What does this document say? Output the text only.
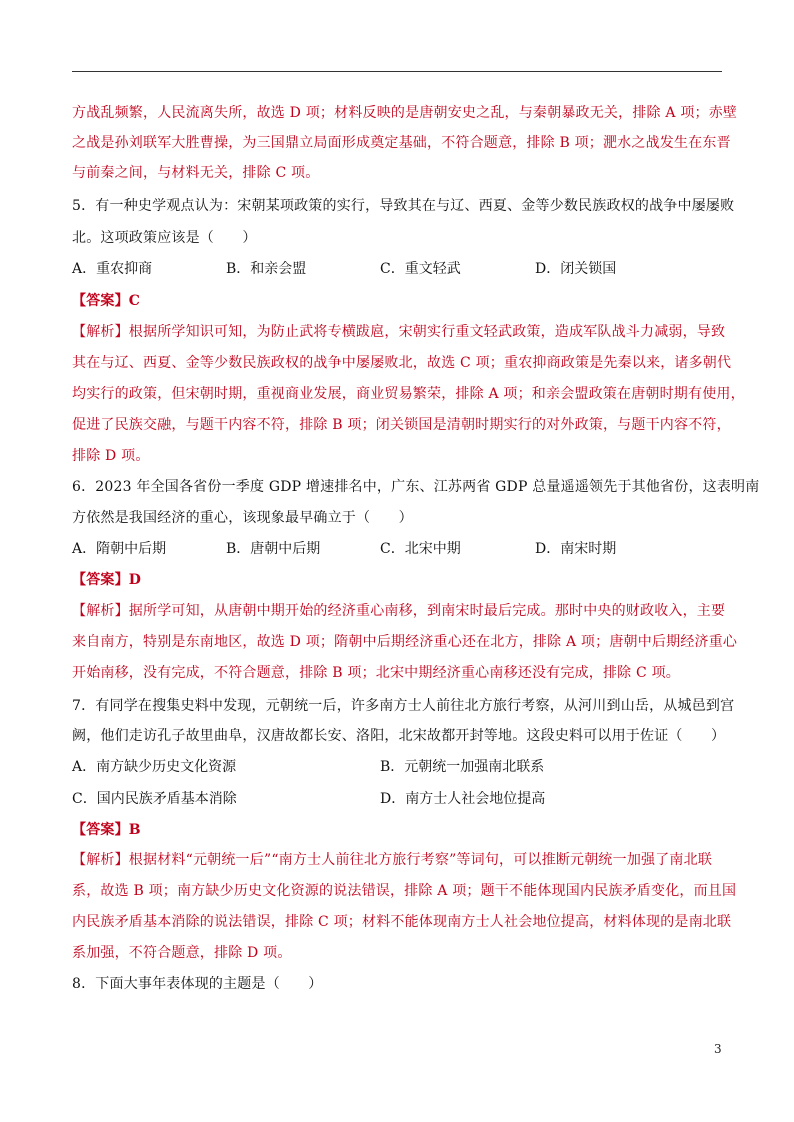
方战乱频繁，人民流离失所，故选 D 项；材料反映的是唐朝安史之乱，与秦朝暴政无关，排除 A 项；赤壁
之战是孙刘联军大胜曹操，为三国鼎立局面形成奠定基础，不符合题意，排除 B 项；淝水之战发生在东晋
与前秦之间，与材料无关，排除 C 项。
5．有一种史学观点认为：宋朝某项政策的实行，导致其在与辽、西夏、金等少数民族政权的战争中屡屡败
北。这项政策应该是（　　）
A．重农抑商	B．和亲会盟	C．重文轻武	D．闭关锁国
【答案】C
【解析】根据所学知识可知，为防止武将专横跋扈，宋朝实行重文轻武政策，造成军队战斗力减弱，导致
其在与辽、西夏、金等少数民族政权的战争中屡屡败北，故选 C 项；重农抑商政策是先秦以来，诸多朝代
均实行的政策，但宋朝时期，重视商业发展，商业贸易繁荣，排除 A 项；和亲会盟政策在唐朝时期有使用，
促进了民族交融，与题干内容不符，排除 B 项；闭关锁国是清朝时期实行的对外政策，与题干内容不符，
排除 D 项。
6．2023 年全国各省份一季度 GDP 增速排名中，广东、江苏两省 GDP 总量遥遥领先于其他省份，这表明南
方依然是我国经济的重心，该现象最早确立于（　　）
A．隋朝中后期	B．唐朝中后期	C．北宋中期	D．南宋时期
【答案】D
【解析】据所学可知，从唐朝中期开始的经济重心南移，到南宋时最后完成。那时中央的财政收入，主要
来自南方，特别是东南地区，故选 D 项；隋朝中后期经济重心还在北方，排除 A 项；唐朝中后期经济重心
开始南移，没有完成，不符合题意，排除 B 项；北宋中期经济重心南移还没有完成，排除 C 项。
7．有同学在搜集史料中发现，元朝统一后，许多南方士人前往北方旅行考察，从河川到山岳，从城邑到宫
阙，他们走访孔子故里曲阜，汉唐故都长安、洛阳，北宋故都开封等地。这段史料可以用于佐证（　　）
A．南方缺少历史文化资源	B．元朝统一加强南北联系
C．国内民族矛盾基本消除	D．南方士人社会地位提高
【答案】B
【解析】根据材料“元朝统一后”“南方士人前往北方旅行考察”等词句，可以推断元朝统一加强了南北联
系，故选 B 项；南方缺少历史文化资源的说法错误，排除 A 项；题干不能体现国内民族矛盾变化，而且国
内民族矛盾基本消除的说法错误，排除 C 项；材料不能体现南方士人社会地位提高，材料体现的是南北联
系加强，不符合题意，排除 D 项。
8．下面大事年表体现的主题是（　　）
3
